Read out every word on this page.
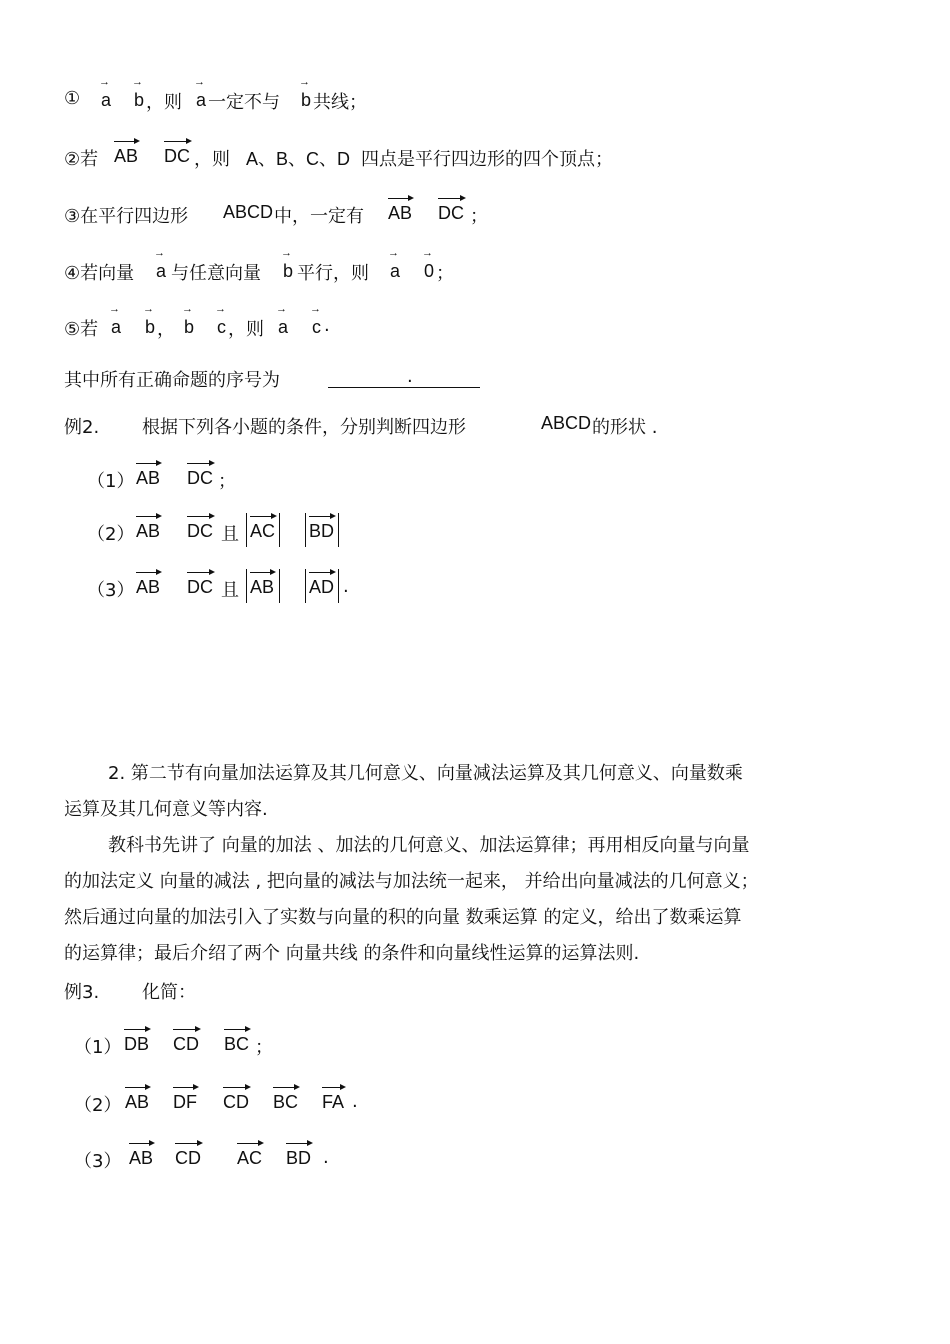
① → a → b ，则 → a 一定不与 → b 共线；
②若 AB DC ，则 A、B、C、D 四点是平行四边形的四个顶点；
③在平行四边形 ABCD 中，一定有 AB DC ；
④若向量 → a 与任意向量 → b 平行，则 → a → 0 ；
⑤若 → a → b ， → b → c ，则 → a → c .
其中所有正确命题的序号为	.
例2. 根据下列各小题的条件，分别判断四边形	ABCD 的形状 .
（1） AB DC ；
（2） AB DC 且 AC BD
（3） AB DC 且 AB AD .
2. 第二节有向量加法运算及其几何意义、向量减法运算及其几何意义、向量数乘
运算及其几何意义等内容.
教科书先讲了 向量的加法 、加法的几何意义、加法运算律；再用相反向量与向量
的加法定义 向量的减法 , 把向量的减法与加法统一起来， 并给出向量减法的几何意义；
然后通过向量的加法引入了实数与向量的积的向量 数乘运算 的定义，给出了数乘运算
的运算律；最后介绍了两个 向量共线 的条件和向量线性运算的运算法则.
例3. 化简：
（1） DB CD BC ；
（2） AB DF CD BC FA .
（3） AB CD AC BD .
